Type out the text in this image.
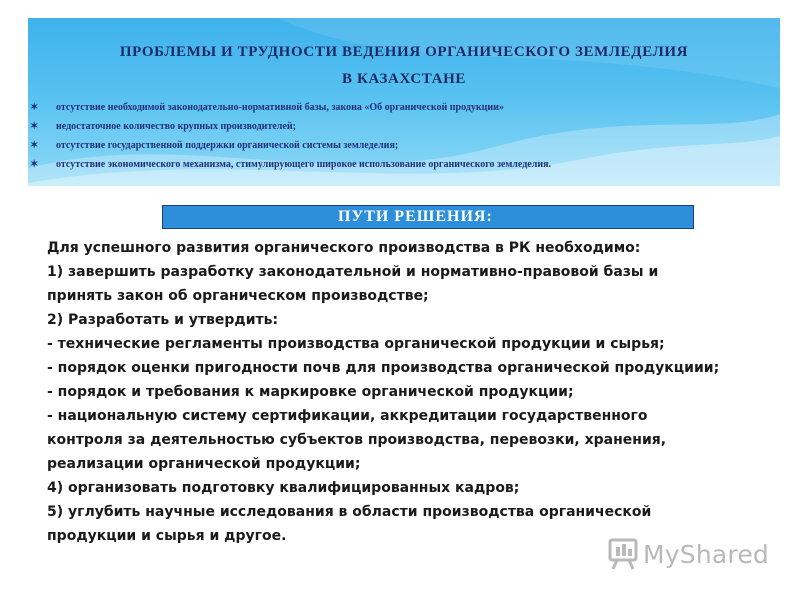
ПРОБЛЕМЫ И ТРУДНОСТИ ВЕДЕНИЯ ОРГАНИЧЕСКОГО ЗЕМЛЕДЕЛИЯ
В КАЗАХСТАНЕ
✶ отсутствие необходимой законодательно-нормативной базы, закона «Об органической продукции»
✶ недостаточное количество крупных производителей;
✶ отсутствие государственной поддержки органической системы земледелия;
✶ отсутствие экономического механизма, стимулирующего широкое использование органического земледелия.
ПУТИ РЕШЕНИЯ:
Для успешного развития органического производства в РК необходимо:
1) завершить разработку законодательной и нормативно-правовой базы и
принять закон об органическом производстве;
2) Разработать и утвердить:
- технические регламенты производства органической продукции и сырья;
- порядок оценки пригодности почв для производства органической продукциии;
- порядок и требования к маркировке органической продукции;
- национальную систему сертификации, аккредитации государственного
контроля за деятельностью субъектов производства, перевозки, хранения,
реализации органической продукции;
4) организовать подготовку квалифицированных кадров;
5) углубить научные исследования в области производства органической
продукции и сырья и другое.
MyShared
